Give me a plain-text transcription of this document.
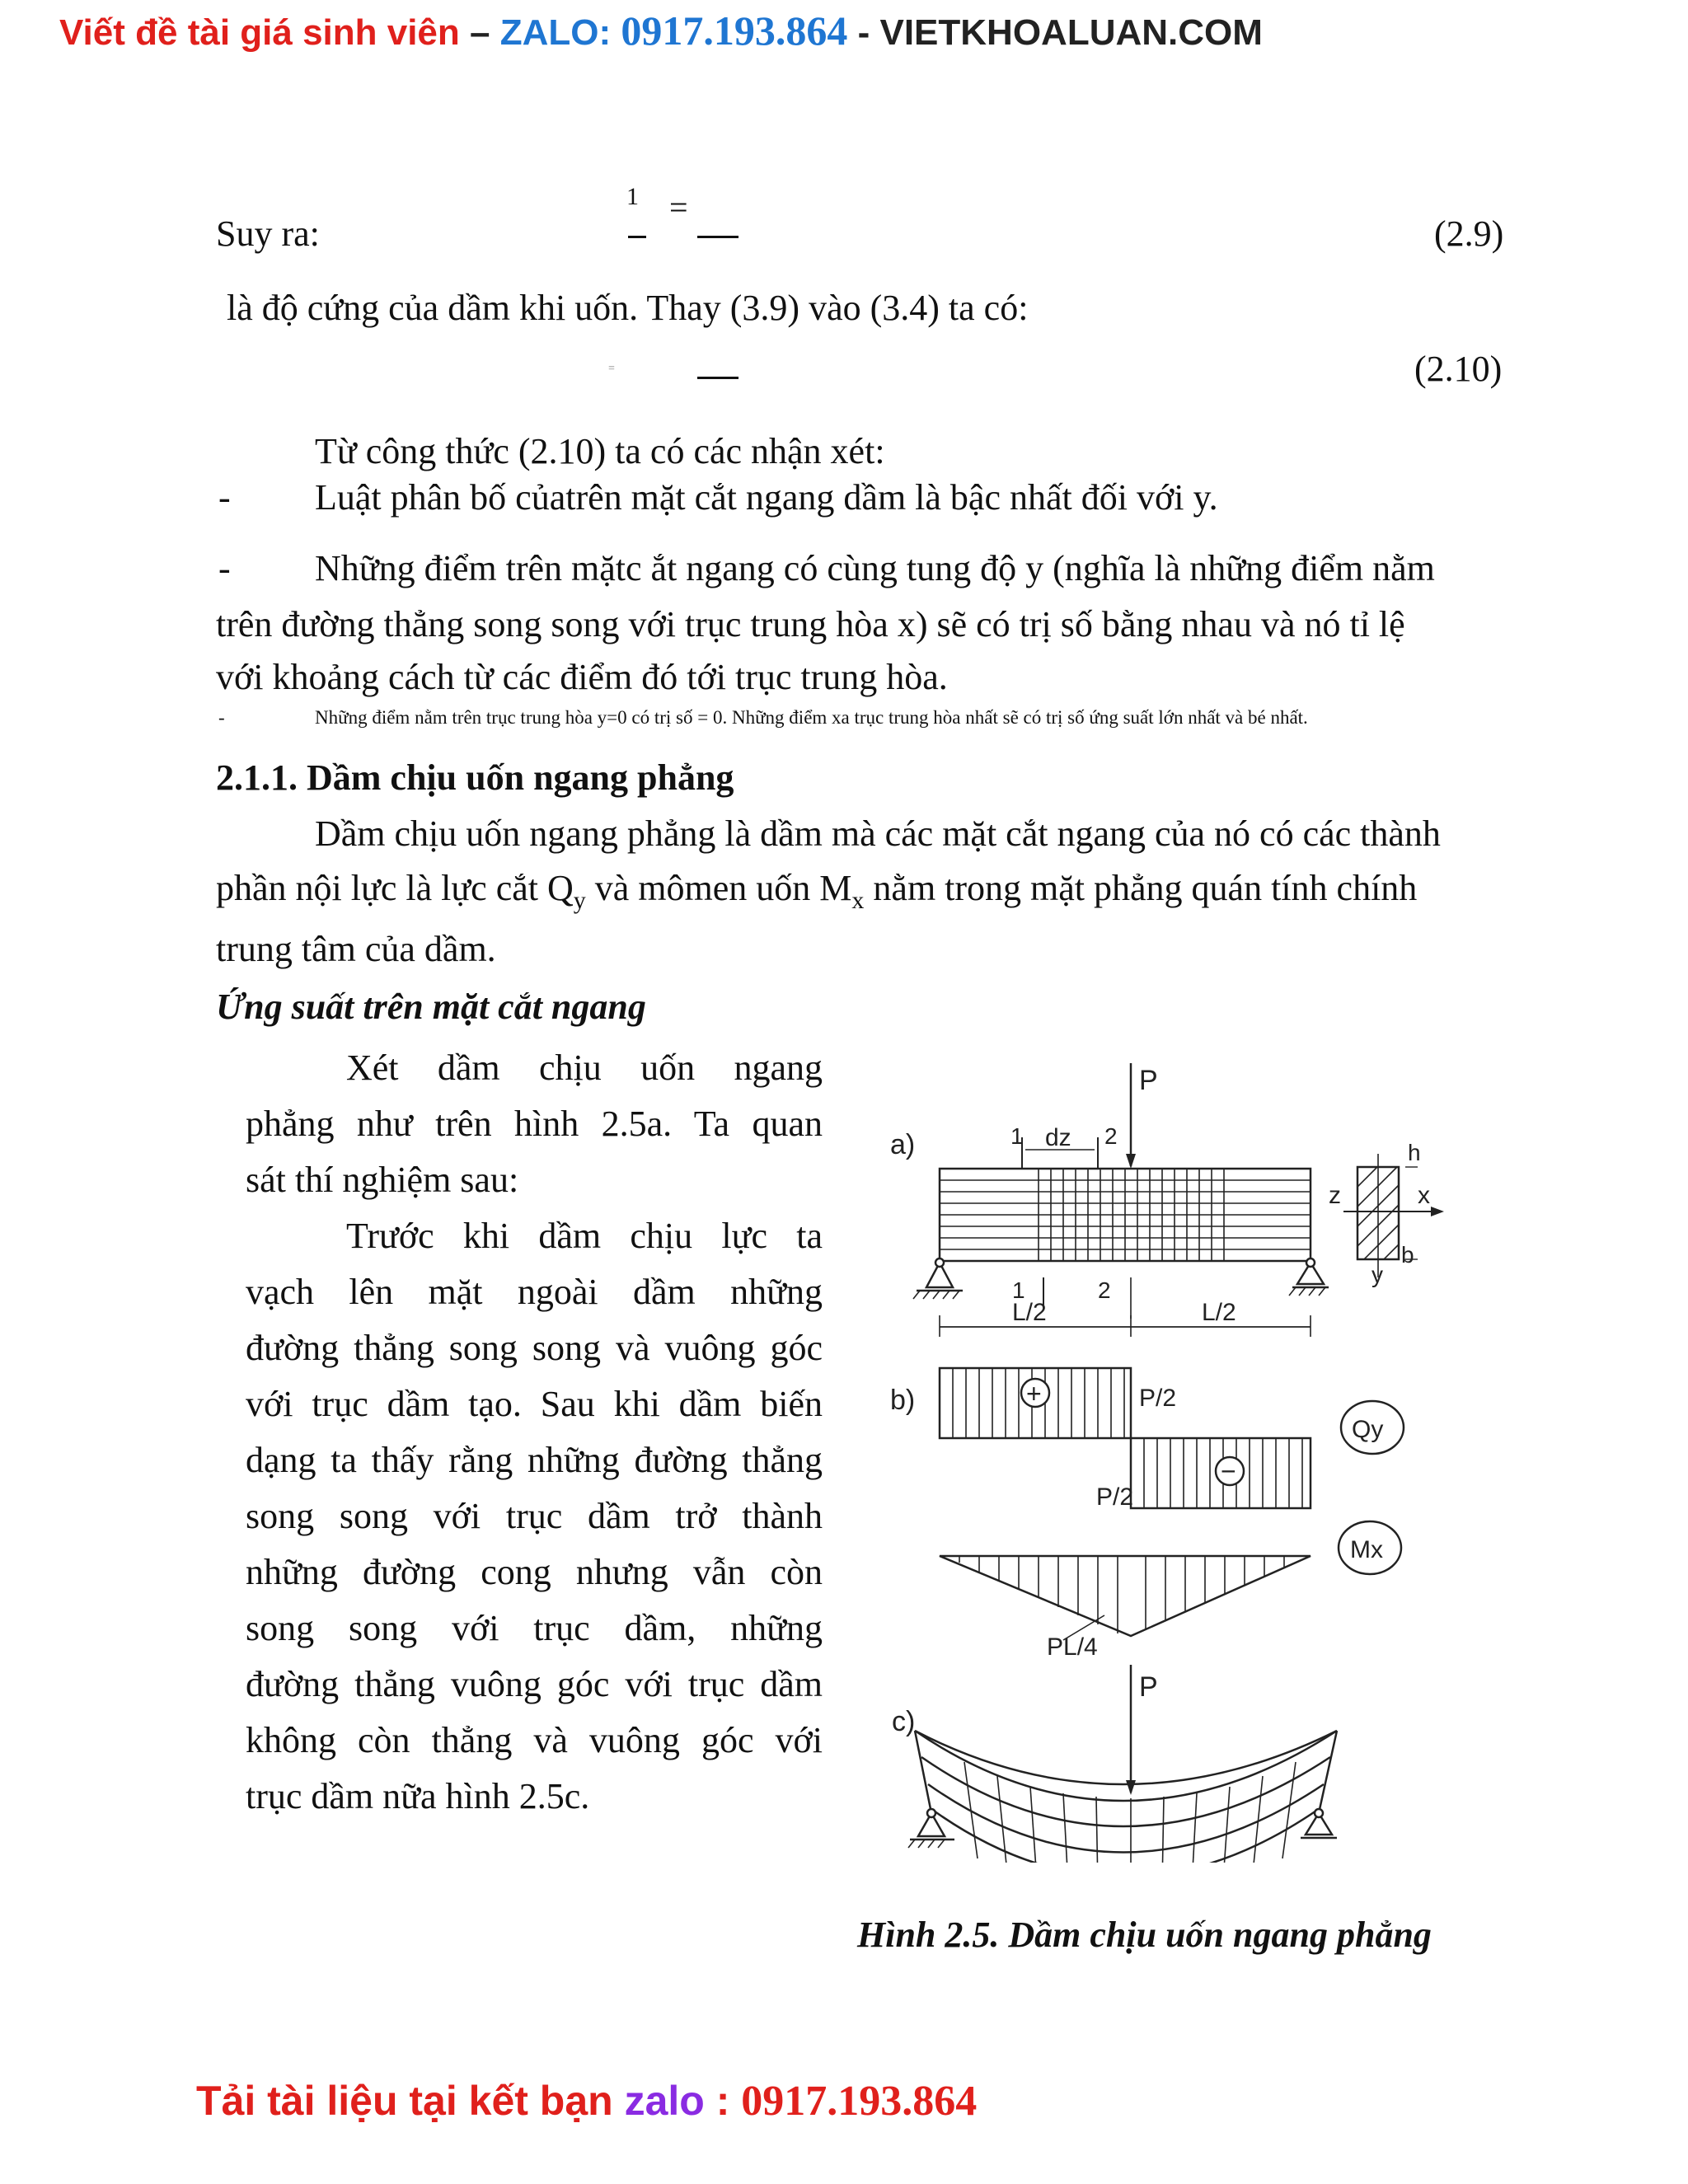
Viết đề tài giá sinh viên – ZALO: 0917.193.864 - VIETKHOALUAN.COM
Suy ra:
1 =
(2.9)
là độ cứng của dầm khi uốn. Thay (3.9) vào (3.4) ta có:
=	(2.10)
Từ công thức (2.10) ta có các nhận xét:
- Luật phân bố củatrên mặt cắt ngang dầm là bậc nhất đối với y.
- Những điểm trên mặtc ắt ngang có cùng tung độ y (nghĩa là những điểm nằm
trên đường thẳng song song với trục trung hòa x) sẽ có trị số bằng nhau và nó tỉ lệ
với khoảng cách từ các điểm đó tới trục trung hòa.
-	Những điểm nằm trên trục trung hòa y=0 có trị số = 0. Những điểm xa trục trung hòa nhất sẽ có trị số ứng suất lớn nhất và bé nhất.
2.1.1. Dầm chịu uốn ngang phẳng
Dầm chịu uốn ngang phẳng là dầm mà các mặt cắt ngang của nó có các thành
phần nội lực là lực cắt $Q_y$ và mômen uốn $M_x$ nằm trong mặt phẳng quán tính chính
trung tâm của dầm.
Ứng suất trên mặt cắt ngang
Xét dầm chịu uốn ngang
phẳng như trên hình 2.5a. Ta quan
sát thí nghiệm sau:
Trước khi dầm chịu lực ta
vạch lên mặt ngoài dầm những
đường thẳng song song và vuông góc
với trục dầm tạo. Sau khi dầm biến
dạng ta thấy rằng những đường thẳng
song song với trục dầm trở thành
những đường cong nhưng vẫn còn
song song với trục dầm, những
đường thẳng vuông góc với trục dầm
không còn thẳng và vuông góc với
trục dầm nữa hình 2.5c.
a)
b)
c)
P
P
dz
1	2
1	2
L/2	L/2
z	x
y
h
b
P/2
P/2
+
−
Qy
Mx
PL/4
Hình 2.5. Dầm chịu uốn ngang phẳng
Tải tài liệu tại kết bạn zalo : 0917.193.864
